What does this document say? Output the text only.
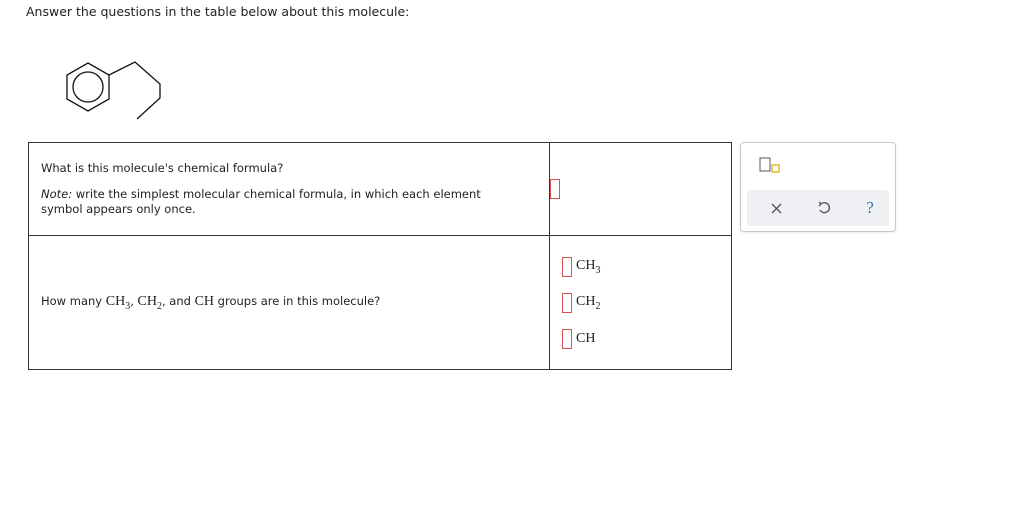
Answer the questions in the table below about this molecule:
What is this molecule's chemical formula?
Note: write the simplest molecular chemical formula, in which each element symbol appears only once.	

How many $CH_3$, $CH_2$, and CH groups are in this molecule?	$CH_3$
$CH_2$
CH
?
